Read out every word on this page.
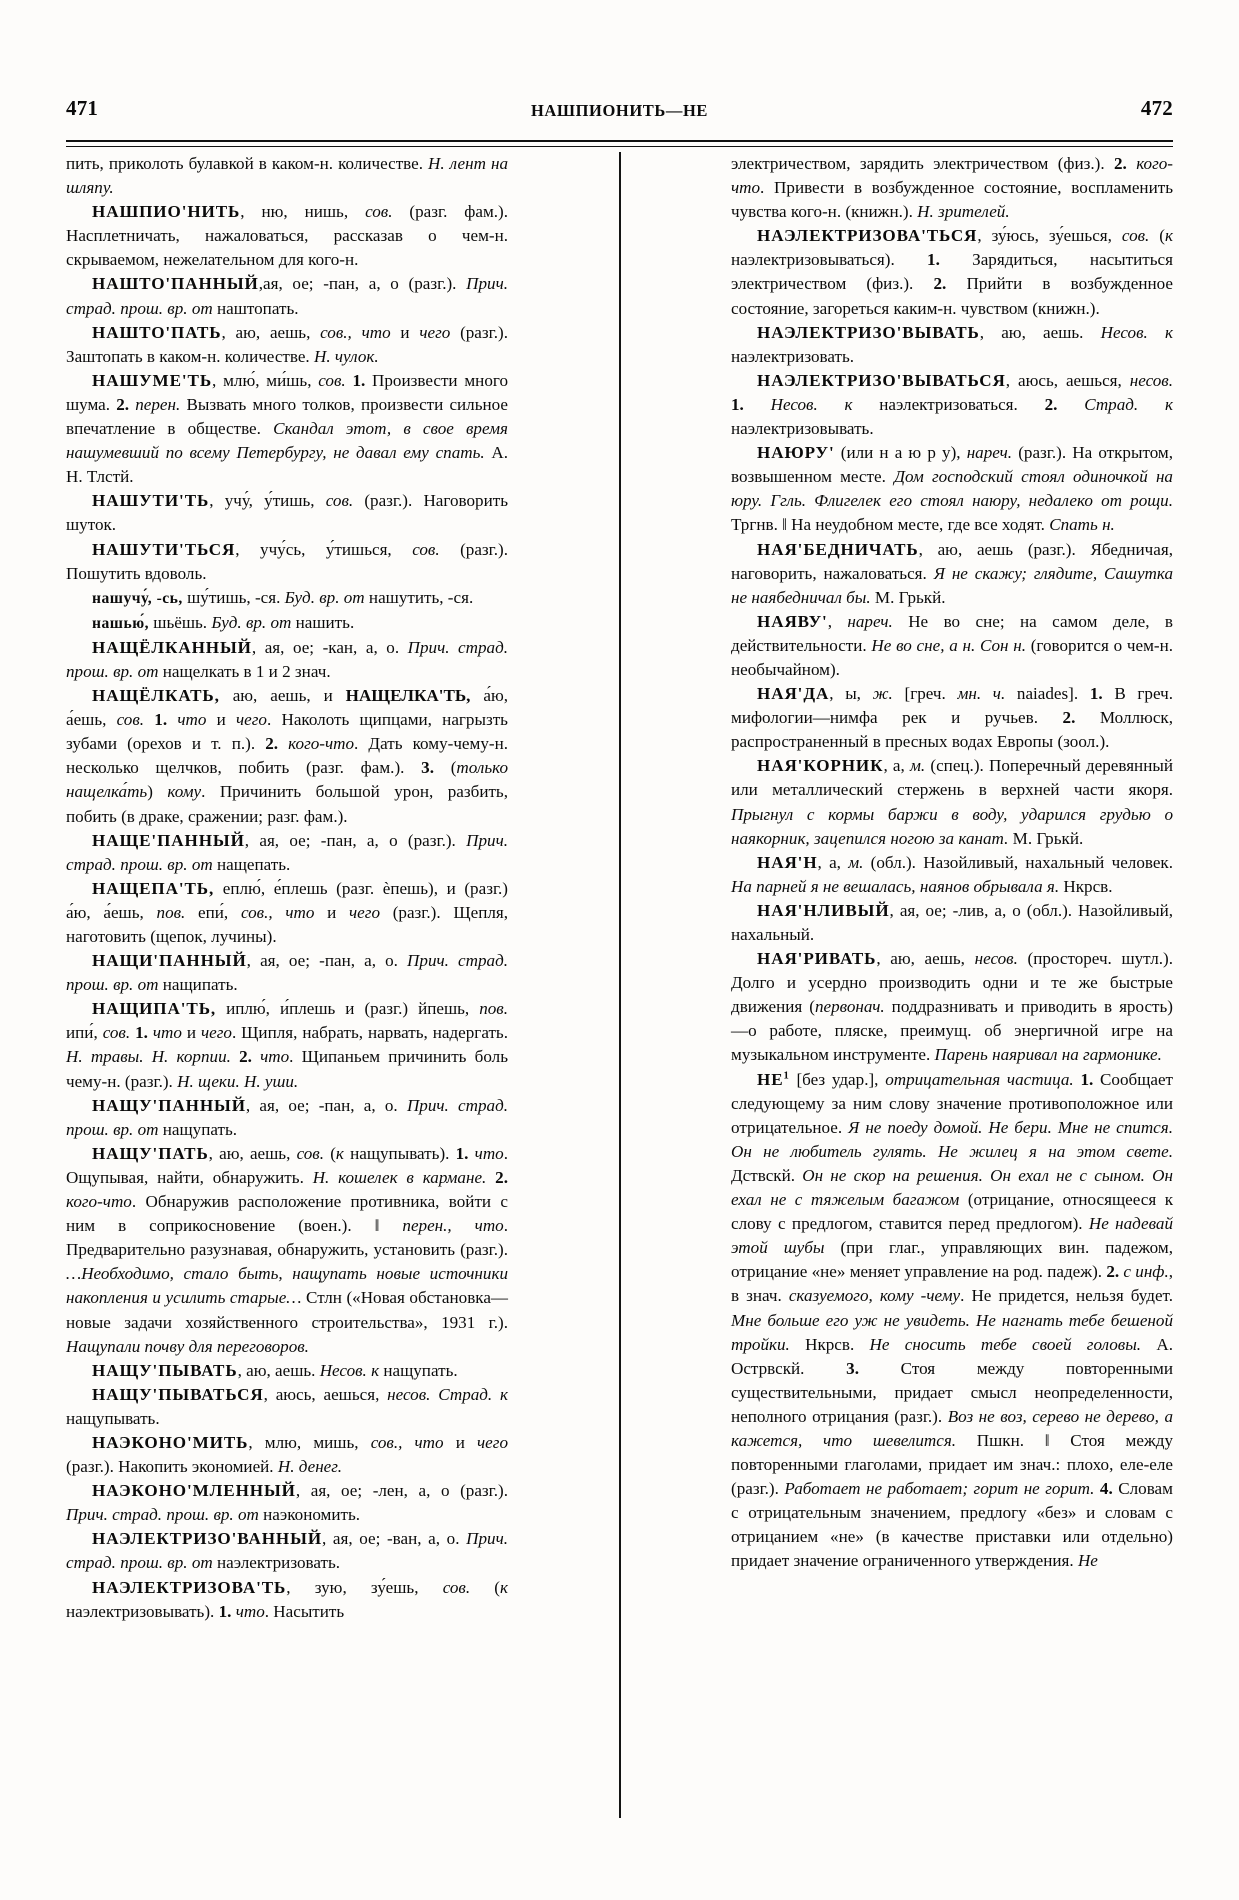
471	НАШПИОНИТЬ—НЕ	472

пить, приколоть булавкой в каком-н. количестве. Н. лент на шляпу.

НАШПИО'НИТЬ, ню, нишь, сов. (разг. фам.). Насплетничать, нажаловаться, рассказав о чем-н. скрываемом, нежелательном для кого-н.

НАШТО'ПАННЫЙ,ая, ое; -пан, а, о (разг.). Прич. страд. прош. вр. от наштопать.

НАШТО'ПАТЬ, аю, аешь, сов., что и чего (разг.). Заштопать в каком-н. количестве. Н. чулок.

НАШУМЕ'ТЬ, млю́, ми́шь, сов. 1. Произвести много шума. 2. перен. Вызвать много толков, произвести сильное впечатление в обществе. Скандал этот, в свое время нашумевший по всему Петербургу, не давал ему спать. А. Н. Тлстй.

НАШУТИ'ТЬ, учу́, у́тишь, сов. (разг.). Наговорить шуток.

НАШУТИ'ТЬСЯ, учу́сь, у́тишься, сов. (разг.). Пошутить вдоволь.

нашучу́, -сь, шу́тишь, -ся. Буд. вр. от нашутить, -ся.

нашью́, шьёшь. Буд. вр. от нашить.

НАЩЁЛКАННЫЙ, ая, ое; -кан, а, о. Прич. страд. прош. вр. от нащелкать в 1 и 2 знач.

НАЩЁЛКАТЬ, аю, аешь, и НАЩЕЛКА'ТЬ, а́ю, а́ешь, сов. 1. что и чего. Наколоть щипцами, нагрызть зубами (орехов и т. п.). 2. кого-что. Дать кому-чему-н. несколько щелчков, побить (разг. фам.). 3. (только нащелка́ть) кому. Причинить большой урон, разбить, побить (в драке, сражении; разг. фам.).

НАЩЕ'ПАННЫЙ, ая, ое; -пан, а, о (разг.). Прич. страд. прош. вр. от нащепать.

НАЩЕПА'ТЬ, еплю́, е́плешь (разг. ѐпешь), и (разг.) а́ю, а́ешь, пов. епи́, сов., что и чего (разг.). Щепля, наготовить (щепок, лучины).

НАЩИ'ПАННЫЙ, ая, ое; -пан, а, о. Прич. страд. прош. вр. от нащипать.

НАЩИПА'ТЬ, иплю́, и́плешь и (разг.) йпешь, пов. ипи́, сов. 1. что и чего. Щипля, набрать, нарвать, надергать. Н. травы. Н. корпии. 2. что. Щипаньем причинить боль чему-н. (разг.). Н. щеки. Н. уши.

НАЩУ'ПАННЫЙ, ая, ое; -пан, а, о. Прич. страд. прош. вр. от нащупать.

НАЩУ'ПАТЬ, аю, аешь, сов. (к нащупывать). 1. что. Ощупывая, найти, обнаружить. Н. кошелек в кармане. 2. кого-что. Обнаружив расположение противника, войти с ним в соприкосновение (воен.). ‖ перен., что. Предварительно разузнавая, обнаружить, установить (разг.). …Необходимо, стало быть, нащупать новые источники накопления и усилить старые… Стлн («Новая обстановка—новые задачи хозяйственного строительства», 1931 г.). Нащупали почву для переговоров.

НАЩУ'ПЫВАТЬ, аю, аешь. Несов. к нащупать.

НАЩУ'ПЫВАТЬСЯ, аюсь, аешься, несов. Страд. к нащупывать.

НАЭКОНО'МИТЬ, млю, мишь, сов., что и чего (разг.). Накопить экономией. Н. денег.

НАЭКОНО'МЛЕННЫЙ, ая, ое; -лен, а, о (разг.). Прич. страд. прош. вр. от наэкономить.

НАЭЛЕКТРИЗО'ВАННЫЙ, ая, ое; -ван, а, о. Прич. страд. прош. вр. от наэлектризовать.

НАЭЛЕКТРИЗОВА'ТЬ, зую, зу́ешь, сов. (к наэлектризовывать). 1. что. Насытить

электричеством, зарядить электричеством (физ.). 2. кого-что. Привести в возбужденное состояние, воспламенить чувства кого-н. (книжн.). Н. зрителей.

НАЭЛЕКТРИЗОВА'ТЬСЯ, зу́юсь, зу́ешься, сов. (к наэлектризовываться). 1. Зарядиться, насытиться электричеством (физ.). 2. Прийти в возбужденное состояние, загореться каким-н. чувством (книжн.).

НАЭЛЕКТРИЗО'ВЫВАТЬ, аю, аешь. Несов. к наэлектризовать.

НАЭЛЕКТРИЗО'ВЫВАТЬСЯ, аюсь, аешься, несов. 1. Несов. к наэлектризоваться. 2. Страд. к наэлектризовывать.

НАЮРУ' (или н а ю р у), нареч. (разг.). На открытом, возвышенном месте. Дом господский стоял одиночкой на юру. Ггль. Флигелек его стоял наюру, недалеко от рощи. Тргнв. ‖ На неудобном месте, где все ходят. Спать н.

НАЯ'БЕДНИЧАТЬ, аю, аешь (разг.). Ябедничая, наговорить, нажаловаться. Я не скажу; глядите, Сашутка не наябедничал бы. М. Грькй.

НАЯВУ', нареч. Не во сне; на самом деле, в действительности. Не во сне, а н. Сон н. (говорится о чем-н. необычайном).

НАЯ'ДА, ы, ж. [греч. мн. ч. naiades]. 1. В греч. мифологии—нимфа рек и ручьев. 2. Моллюск, распространенный в пресных водах Европы (зоол.).

НАЯ'КОРНИК, а, м. (спец.). Поперечный деревянный или металлический стержень в верхней части якоря. Прыгнул с кормы баржи в воду, ударился грудью о наякорник, зацепился ногою за канат. М. Грькй.

НАЯ'Н, а, м. (обл.). Назойливый, нахальный человек. На парней я не вешалась, наянов обрывала я. Нкрсв.

НАЯ'НЛИВЫЙ, ая, ое; -лив, а, о (обл.). Назойливый, нахальный.

НАЯ'РИВАТЬ, аю, аешь, несов. (простореч. шутл.). Долго и усердно производить одни и те же быстрые движения (первонач. поддразнивать и приводить в ярость)—о работе, пляске, преимущ. об энергичной игре на музыкальном инструменте. Парень наяривал на гармонике.

$НЕ^1$ [без удар.], отрицательная частица. 1. Сообщает следующему за ним слову значение противоположное или отрицательное. Я не поеду домой. Не бери. Мне не спится. Он не любитель гулять. Не жилец я на этом свете. Дствскй. Он не скор на решения. Он ехал не с сыном. Он ехал не с тяжелым багажом (отрицание, относящееся к слову с предлогом, ставится перед предлогом). Не надевай этой шубы (при глаг., управляющих вин. падежом, отрицание «не» меняет управление на род. падеж). 2. с инф., в знач. сказуемого, кому -чему. Не придется, нельзя будет. Мне больше его уж не увидеть. Не нагнать тебе бешеной тройки. Нкрсв. Не сносить тебе своей головы. А. Острвскй. 3. Стоя между повторенными существительными, придает смысл неопределенности, неполного отрицания (разг.). Воз не воз, серево не дерево, а кажется, что шевелится. Пшкн. ‖ Стоя между повторенными глаголами, придает им знач.: плохо, еле-еле (разг.). Работает не работает; горит не горит. 4. Словам с отрицательным значением, предлогу «без» и словам с отрицанием «не» (в качестве приставки или отдельно) придает значение ограниченного утверждения. Не
